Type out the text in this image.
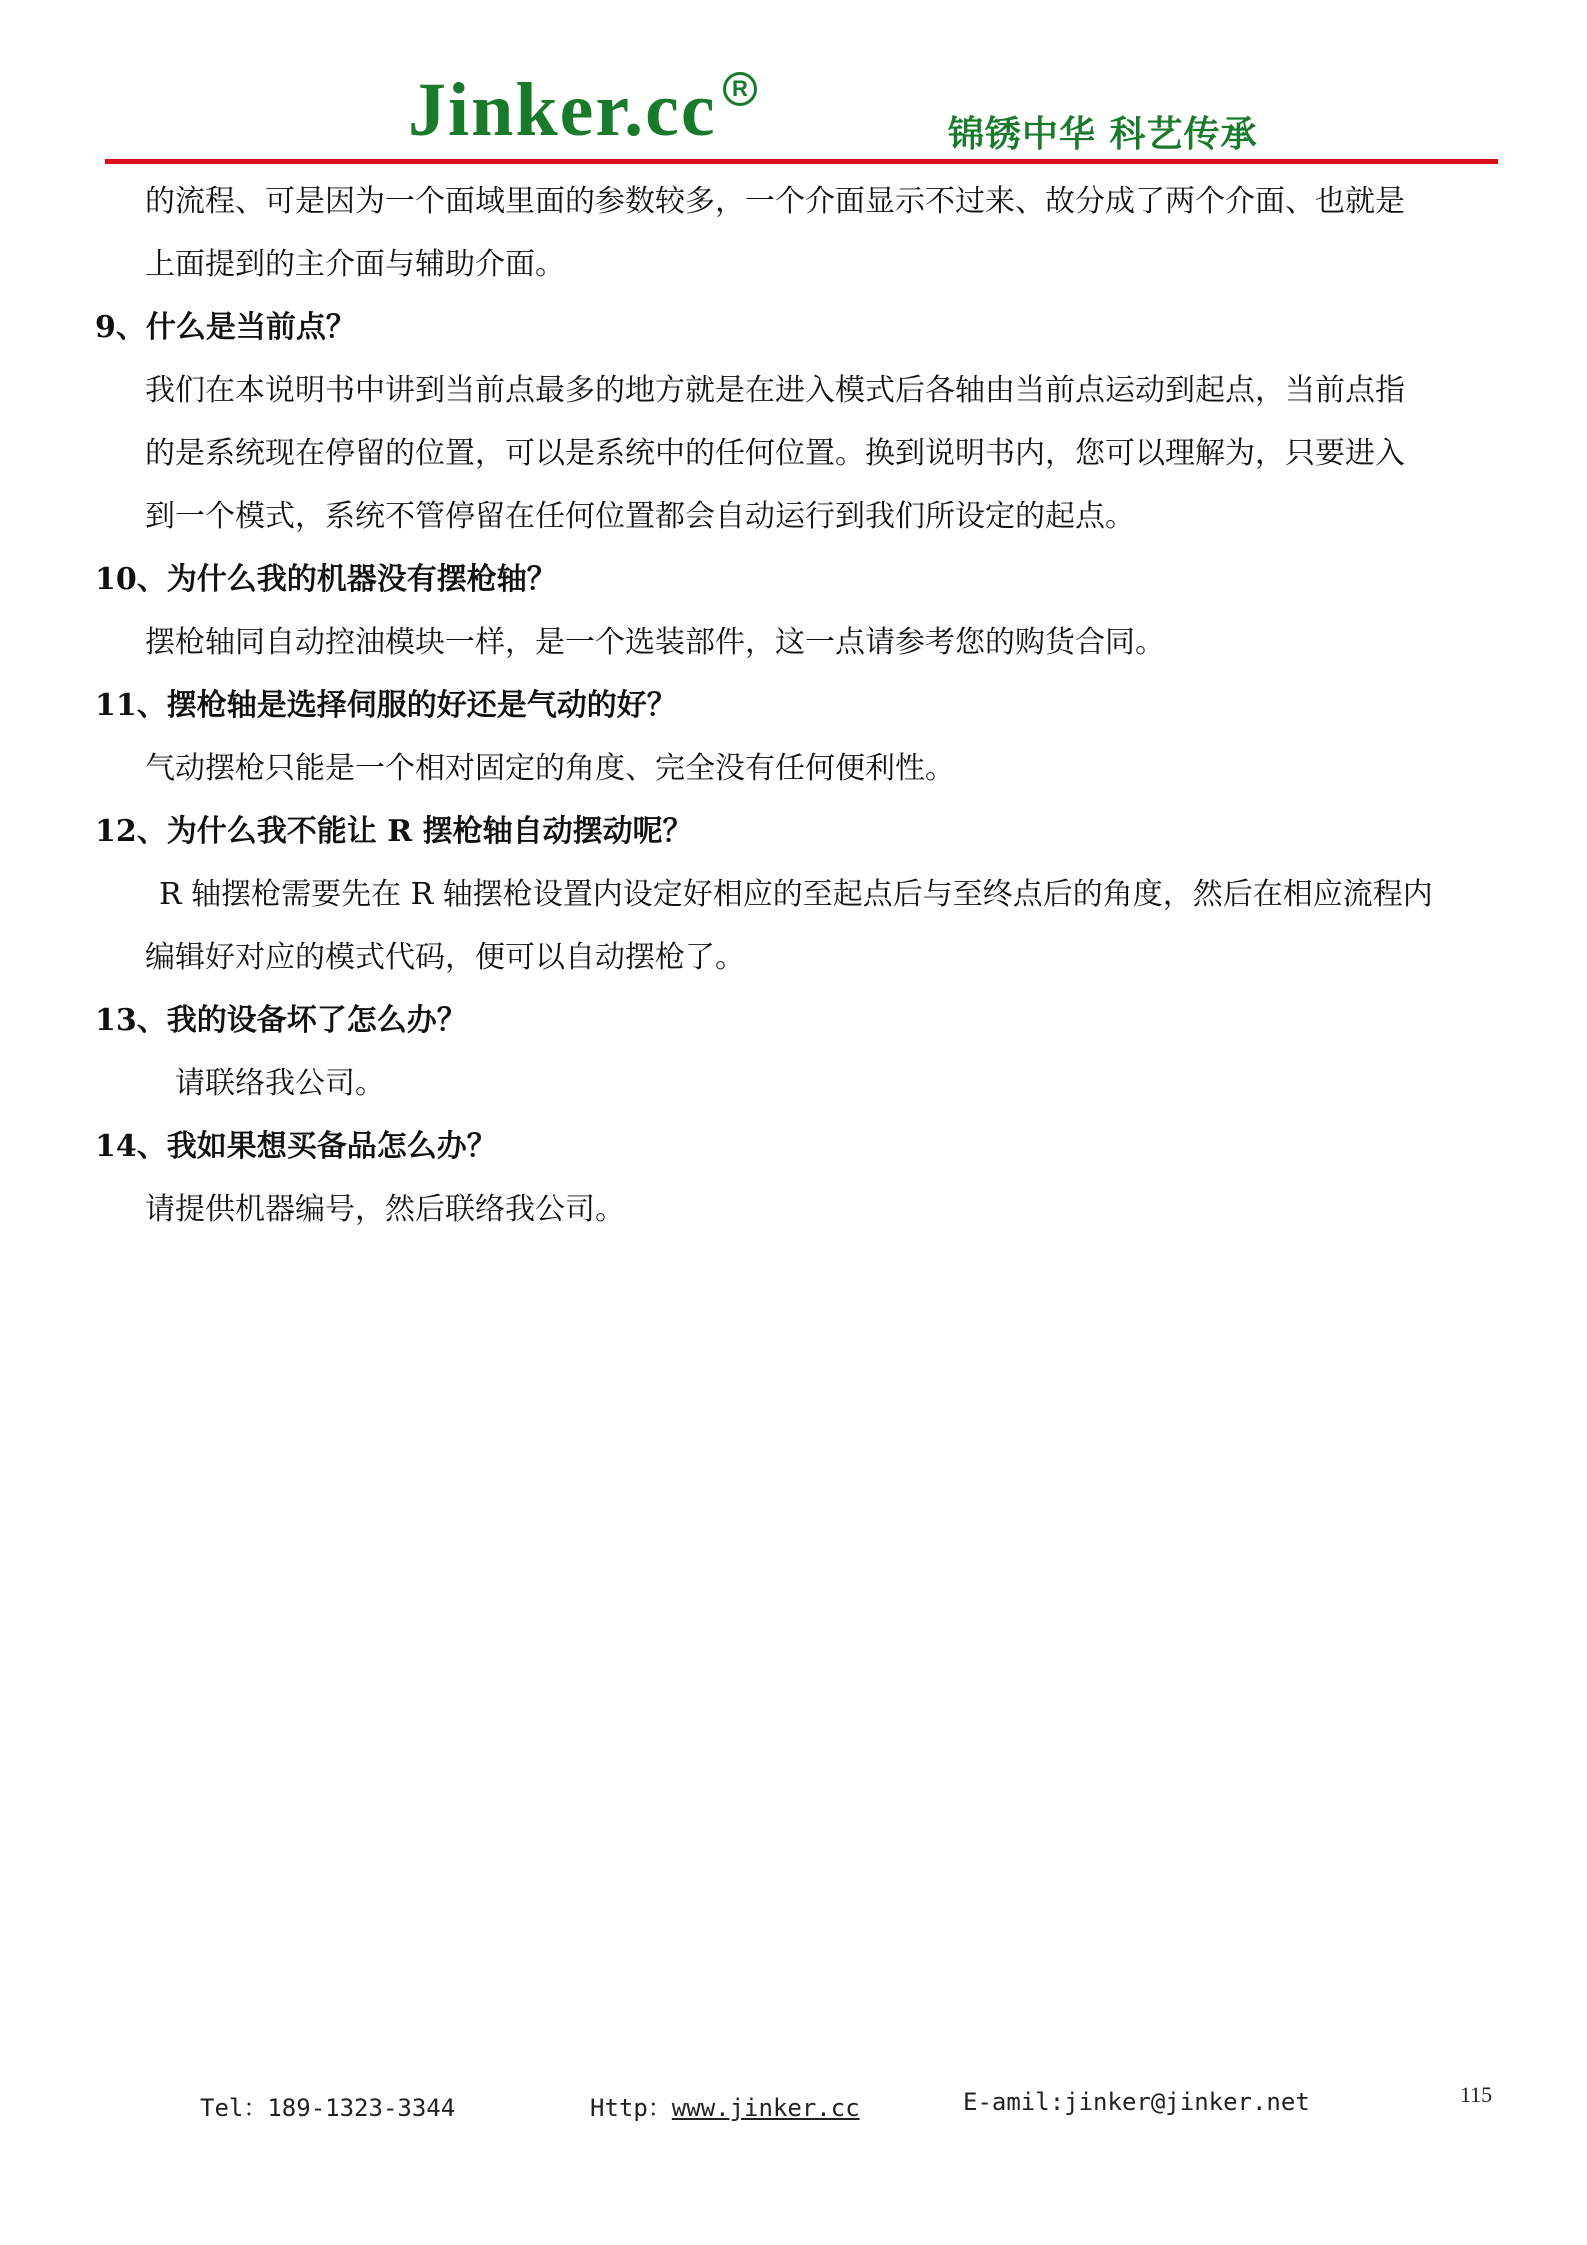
Jinker.cc R
锦锈中华 科艺传承

的流程、可是因为一个面域里面的参数较多，一个介面显示不过来、故分成了两个介面、也就是

上面提到的主介面与辅助介面。

9、什么是当前点？

我们在本说明书中讲到当前点最多的地方就是在进入模式后各轴由当前点运动到起点，当前点指

的是系统现在停留的位置，可以是系统中的任何位置。换到说明书内，您可以理解为，只要进入

到一个模式，系统不管停留在任何位置都会自动运行到我们所设定的起点。

10、为什么我的机器没有摆枪轴？

摆枪轴同自动控油模块一样，是一个选装部件，这一点请参考您的购货合同。

11、摆枪轴是选择伺服的好还是气动的好？

气动摆枪只能是一个相对固定的角度、完全没有任何便利性。

12、为什么我不能让 R 摆枪轴自动摆动呢？

R 轴摆枪需要先在 R 轴摆枪设置内设定好相应的至起点后与至终点后的角度，然后在相应流程内

编辑好对应的模式代码，便可以自动摆枪了。

13、我的设备坏了怎么办？

请联络我公司。

14、我如果想买备品怎么办？

请提供机器编号，然后联络我公司。

Tel：189-1323-3344	Http：www.jinker.cc	E-amil:jinker@jinker.net	115
